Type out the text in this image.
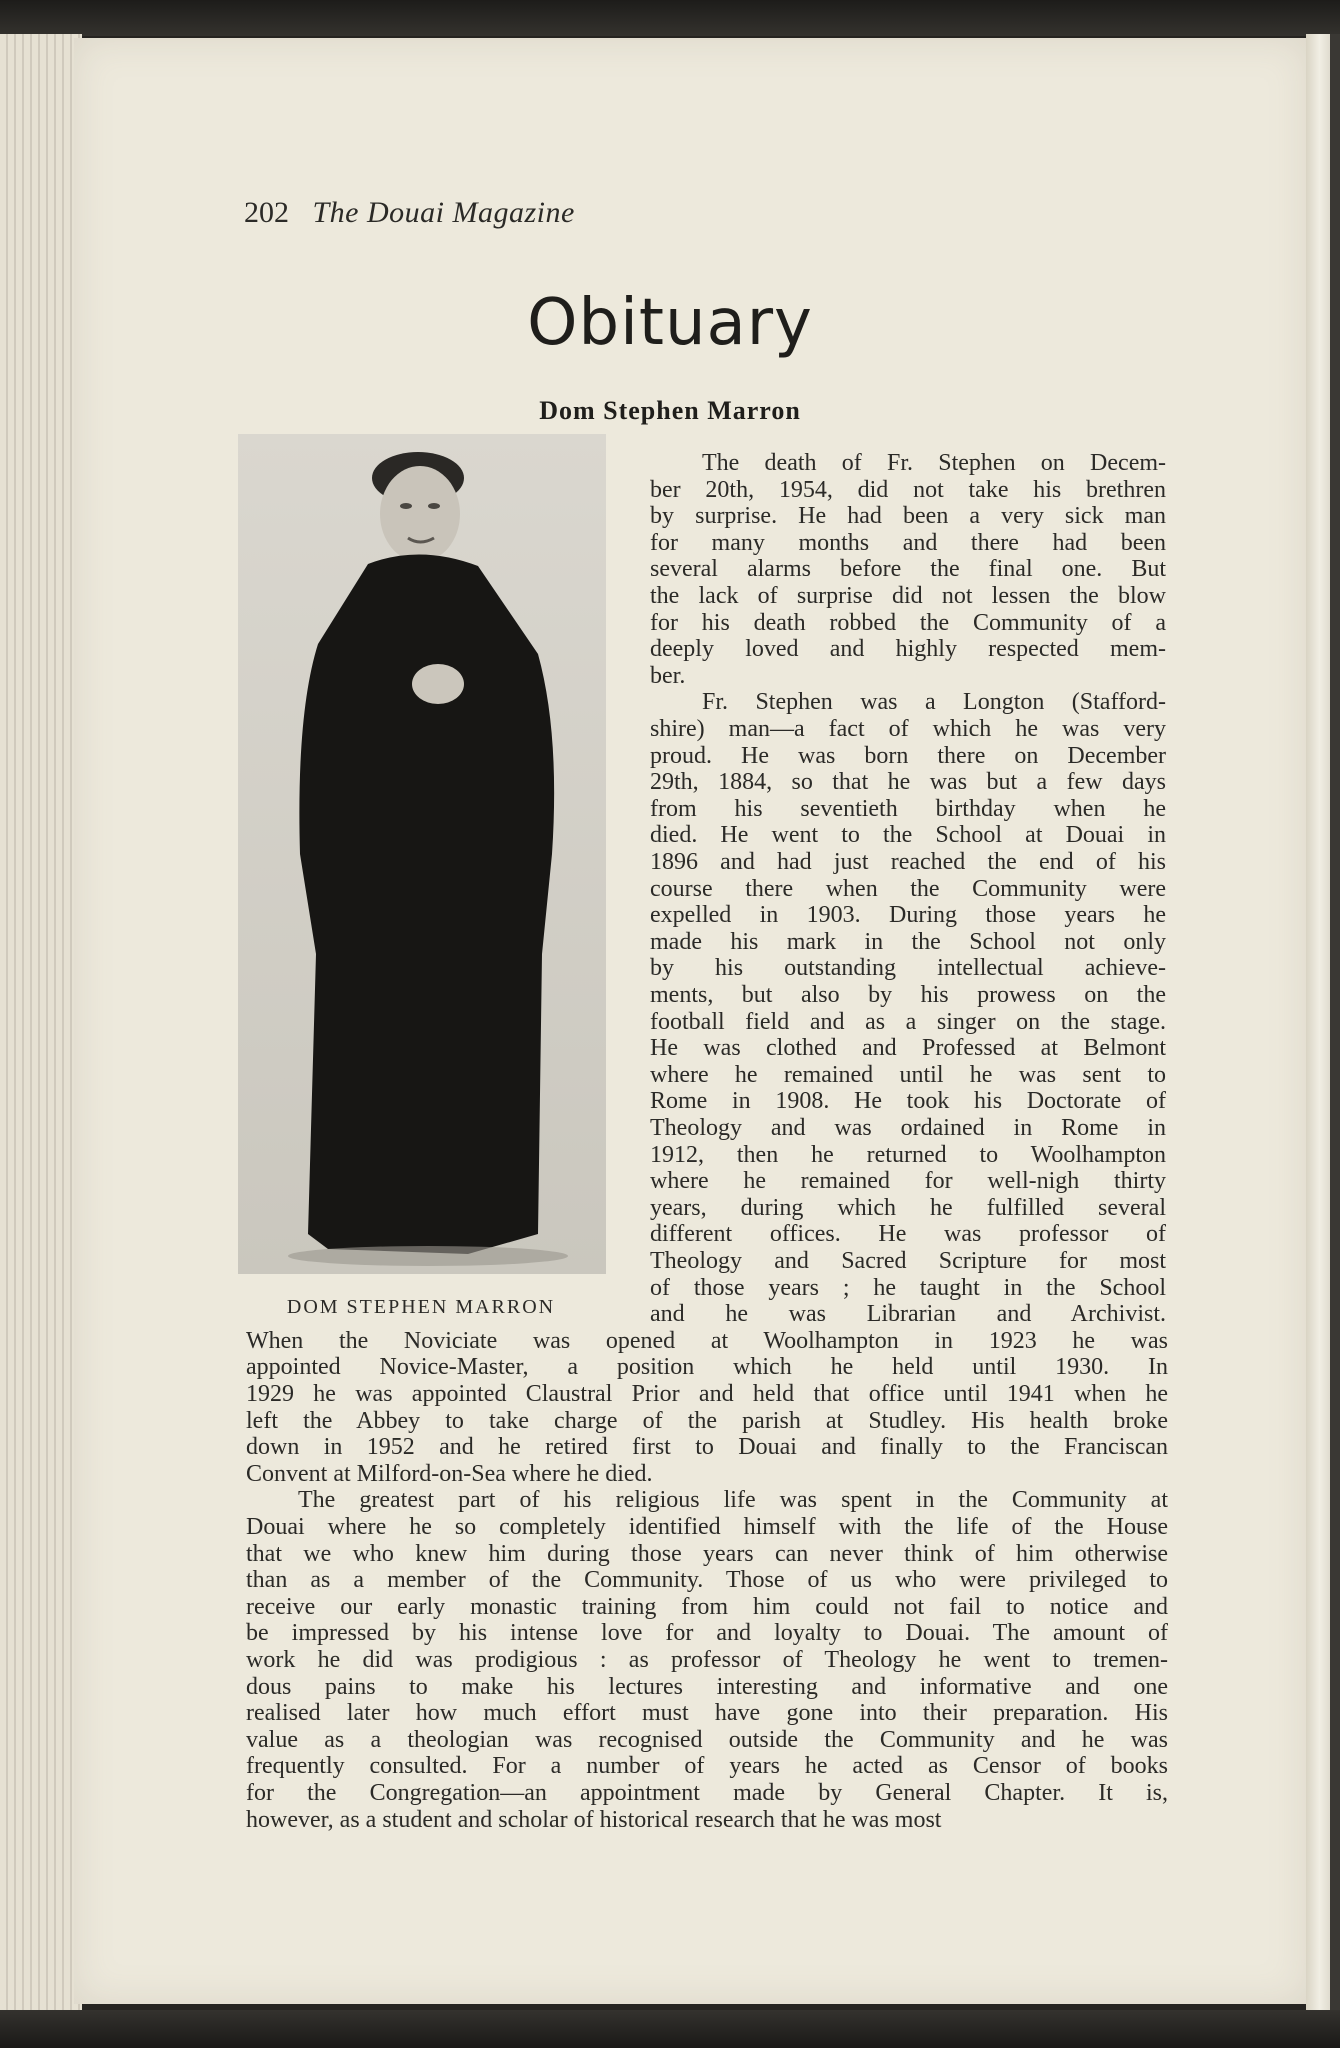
202 The Douai Magazine
Obituary
Dom Stephen Marron
DOM STEPHEN MARRON
The death of Fr. Stephen on Decem-
ber 20th, 1954, did not take his brethren
by surprise. He had been a very sick man
for many months and there had been
several alarms before the final one. But
the lack of surprise did not lessen the blow
for his death robbed the Community of a
deeply loved and highly respected mem-
ber.
Fr. Stephen was a Longton (Stafford-
shire) man—a fact of which he was very
proud. He was born there on December
29th, 1884, so that he was but a few days
from his seventieth birthday when he
died. He went to the School at Douai in
1896 and had just reached the end of his
course there when the Community were
expelled in 1903. During those years he
made his mark in the School not only
by his outstanding intellectual achieve-
ments, but also by his prowess on the
football field and as a singer on the stage.
He was clothed and Professed at Belmont
where he remained until he was sent to
Rome in 1908. He took his Doctorate of
Theology and was ordained in Rome in
1912, then he returned to Woolhampton
where he remained for well-nigh thirty
years, during which he fulfilled several
different offices. He was professor of
Theology and Sacred Scripture for most
of those years ; he taught in the School
and he was Librarian and Archivist.
When the Noviciate was opened at Woolhampton in 1923 he was
appointed Novice-Master, a position which he held until 1930. In
1929 he was appointed Claustral Prior and held that office until 1941 when he
left the Abbey to take charge of the parish at Studley. His health broke
down in 1952 and he retired first to Douai and finally to the Franciscan
Convent at Milford-on-Sea where he died.
The greatest part of his religious life was spent in the Community at
Douai where he so completely identified himself with the life of the House
that we who knew him during those years can never think of him otherwise
than as a member of the Community. Those of us who were privileged to
receive our early monastic training from him could not fail to notice and
be impressed by his intense love for and loyalty to Douai. The amount of
work he did was prodigious : as professor of Theology he went to tremen-
dous pains to make his lectures interesting and informative and one
realised later how much effort must have gone into their preparation. His
value as a theologian was recognised outside the Community and he was
frequently consulted. For a number of years he acted as Censor of books
for the Congregation—an appointment made by General Chapter. It is,
however, as a student and scholar of historical research that he was most
